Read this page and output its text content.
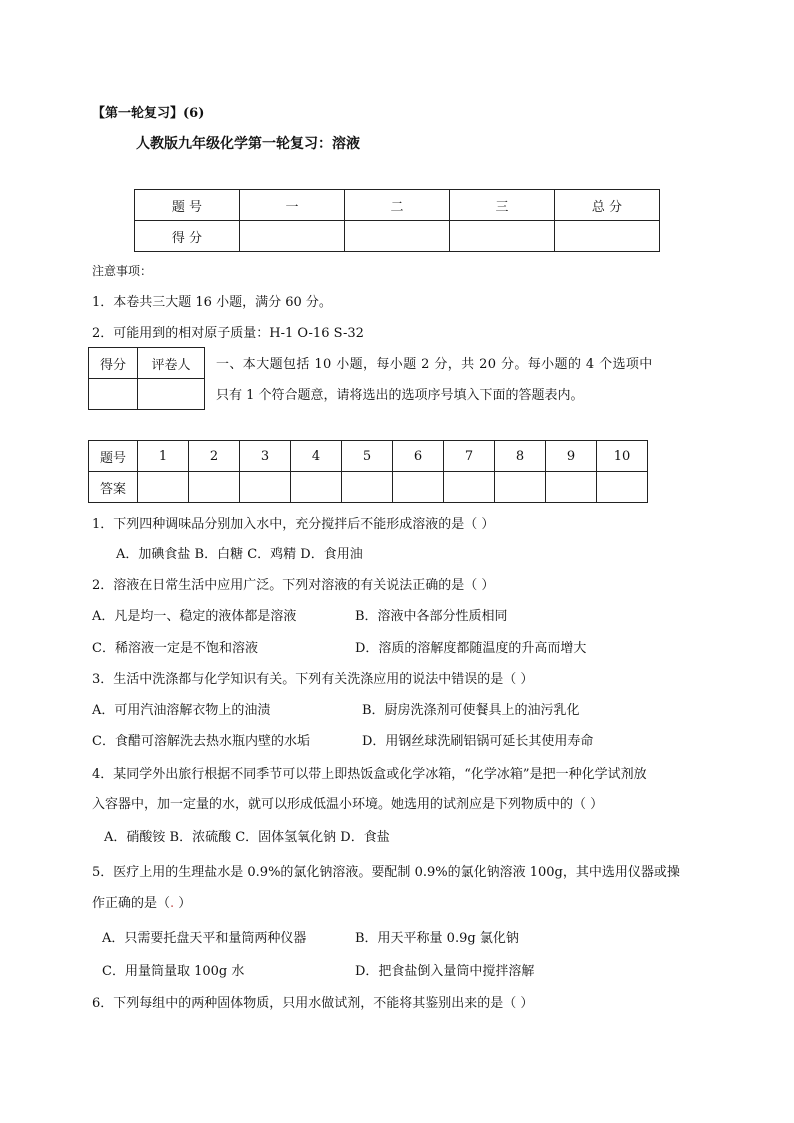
【第一轮复习】(6)
人教版九年级化学第一轮复习：溶液
题 号	一	二	三	总 分
得 分				
注意事项：
1．本卷共三大题 16 小题，满分 60 分。
2．可能用到的相对原子质量：H-1 O-16 S-32
得分	评卷人
	一、本大题包括 10 小题，每小题 2 分，共 20 分。每小题的 4 个选项中
只有 1 个符合题意，请将选出的选项序号填入下面的答题表内。
题号	1	2	3	4	5	6	7	8	9	10
答案										
1．下列四种调味品分别加入水中，充分搅拌后不能形成溶液的是（ ）
A．加碘食盐 B．白糖 C．鸡精 D．食用油
2．溶液在日常生活中应用广泛。下列对溶液的有关说法正确的是（ ）
A．凡是均一、稳定的液体都是溶液	B．溶液中各部分性质相同
C．稀溶液一定是不饱和溶液	D．溶质的溶解度都随温度的升高而增大
3．生活中洗涤都与化学知识有关。下列有关洗涤应用的说法中错误的是（ ）
A．可用汽油溶解衣物上的油渍	B．厨房洗涤剂可使餐具上的油污乳化
C．食醋可溶解洗去热水瓶内壁的水垢	D．用钢丝球洗刷铝锅可延长其使用寿命
4．某同学外出旅行根据不同季节可以带上即热饭盒或化学冰箱，“化学冰箱”是把一种化学试剂放
入容器中，加一定量的水，就可以形成低温小环境。她选用的试剂应是下列物质中的（ ）
A．硝酸铵 B．浓硫酸 C．固体氢氧化钠 D．食盐
5．医疗上用的生理盐水是 0.9%的氯化钠溶液。要配制 0.9%的氯化钠溶液 100g，其中选用仪器或操
作正确的是（. ）
A．只需要托盘天平和量筒两种仪器	B．用天平称量 0.9g 氯化钠
C．用量筒量取 100g 水	D．把食盐倒入量筒中搅拌溶解
6．下列每组中的两种固体物质，只用水做试剂，不能将其鉴别出来的是（ ）
